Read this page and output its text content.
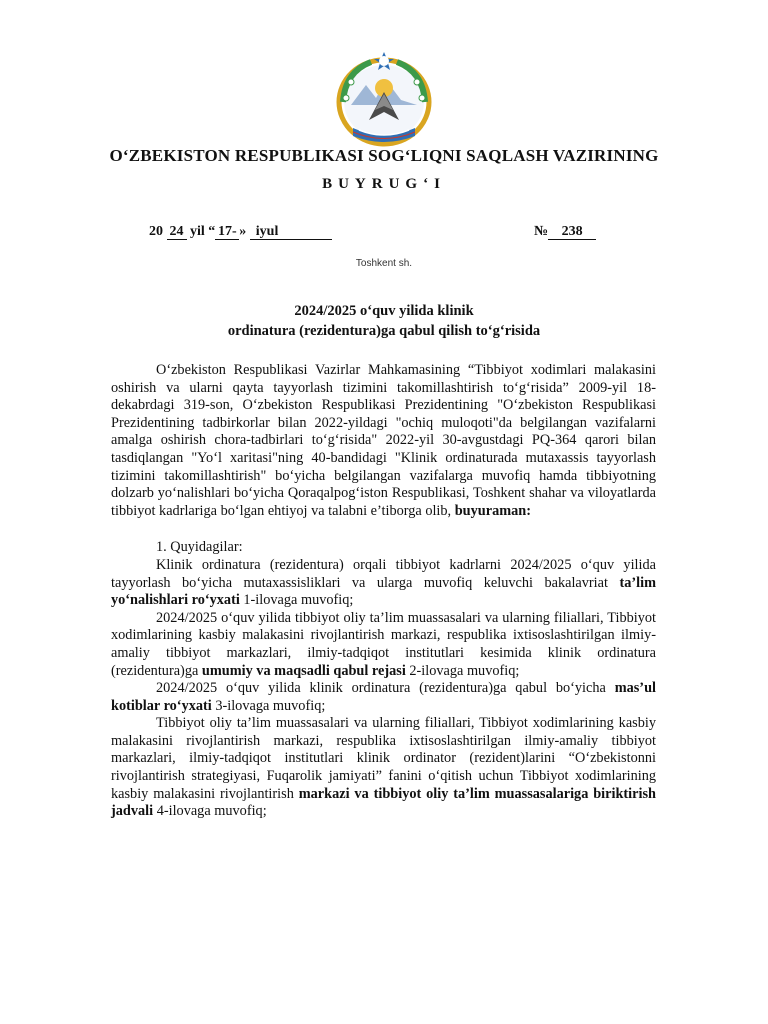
O‘ZBEKISTON RESPUBLIKASI SOG‘LIQNI SAQLASH VAZIRINING
BUYRUG‘I
20 24 yil “ 17- » iyul	№ 238
Toshkent sh.
2024/2025 o‘quv yilida klinik
ordinatura (rezidentura)ga qabul qilish to‘g‘risida

O‘zbekiston Respublikasi Vazirlar Mahkamasining “Tibbiyot xodimlari malakasini oshirish va ularni qayta tayyorlash tizimini takomillashtirish to‘g‘risida” 2009-yil 18-dekabrdagi 319-son, O‘zbekiston Respublikasi Prezidentining "O‘zbekiston Respublikasi Prezidentining tadbirkorlar bilan 2022-yildagi "ochiq muloqoti"da belgilangan vazifalarni amalga oshirish chora-tadbirlari to‘g‘risida" 2022-yil 30-avgustdagi PQ-364 qarori bilan tasdiqlangan "Yo‘l xaritasi"ning 40-bandidagi "Klinik ordinaturada mutaxassis tayyorlash tizimini takomillashtirish" bo‘yicha belgilangan vazifalarga muvofiq hamda tibbiyotning dolzarb yo‘nalishlari bo‘yicha Qoraqalpog‘iston Respublikasi, Toshkent shahar va viloyatlarda tibbiyot kadrlariga bo‘lgan ehtiyoj va talabni e’tiborga olib, buyuraman:

1. Quyidagilar:

Klinik ordinatura (rezidentura) orqali tibbiyot kadrlarni 2024/2025 o‘quv yilida tayyorlash bo‘yicha mutaxassisliklari va ularga muvofiq keluvchi bakalavriat ta’lim yo‘nalishlari ro‘yxati 1-ilovaga muvofiq;

2024/2025 o‘quv yilida tibbiyot oliy ta’lim muassasalari va ularning filiallari, Tibbiyot xodimlarining kasbiy malakasini rivojlantirish markazi, respublika ixtisoslashtirilgan ilmiy-amaliy tibbiyot markazlari, ilmiy-tadqiqot institutlari kesimida klinik ordinatura (rezidentura)ga umumiy va maqsadli qabul rejasi 2-ilovaga muvofiq;

2024/2025 o‘quv yilida klinik ordinatura (rezidentura)ga qabul bo‘yicha mas’ul kotiblar ro‘yxati 3-ilovaga muvofiq;

Tibbiyot oliy ta’lim muassasalari va ularning filiallari, Tibbiyot xodimlarining kasbiy malakasini rivojlantirish markazi, respublika ixtisoslashtirilgan ilmiy-amaliy tibbiyot markazlari, ilmiy-tadqiqot institutlari klinik ordinator (rezident)larini “O‘zbekistonni rivojlantirish strategiyasi, Fuqarolik jamiyati” fanini o‘qitish uchun Tibbiyot xodimlarining kasbiy malakasini rivojlantirish markazi va tibbiyot oliy ta’lim muassasalariga biriktirish jadvali 4-ilovaga muvofiq;
